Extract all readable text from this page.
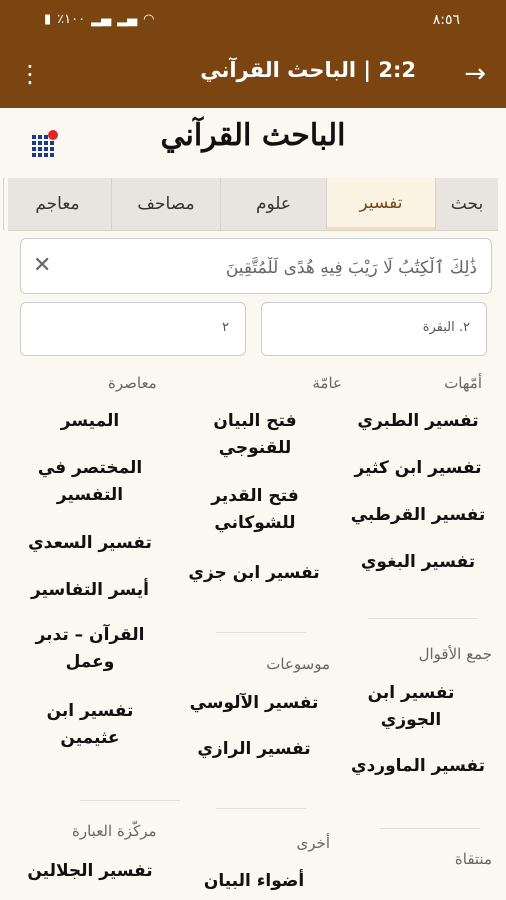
▮ ٪١٠٠ ▂▄ ▂▄ ◠	٨:٥٦
→
2:2 | الباحث القرآني
⋮
الباحث القرآني
بحث
تفسير
علوم
مصاحف
معاجم
ذَٰلِكَ ٱلْكِتَٰبُ لَا رَيْبَ فِيهِ هُدًى لِّلْمُتَّقِينَ
✕
٢. البقرة
٢
أمّهات
تفسير الطبري
تفسير ابن كثير
تفسير القرطبي
تفسير البغوي
عامّة
فتح البيان للقنوجي
فتح القدير للشوكاني
تفسير ابن جزي
معاصرة
الميسر
المختصر في التفسير
تفسير السعدي
أيسر التفاسير
القرآن – تدبر وعمل
تفسير ابن عثيمين
جمع الأقوال
تفسير ابن الجوزي
تفسير الماوردي
موسوعات
تفسير الآلوسي
تفسير الرازي
مركّزة العبارة
تفسير الجلالين
أخرى
أضواء البيان
منتقاة
